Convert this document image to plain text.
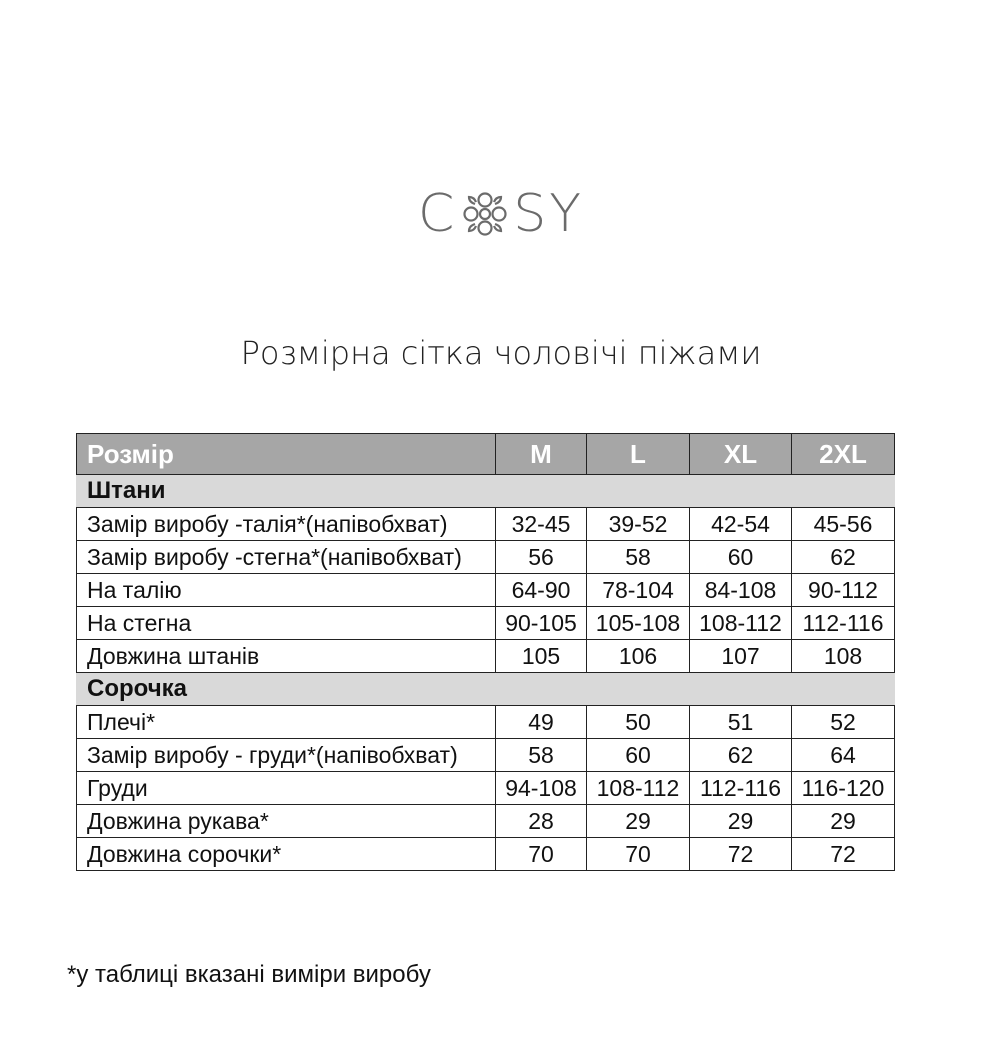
C SY
Розмірна сітка чоловічі піжами
Розмір	M	L	XL	2XL
Штани				
Замір виробу -талія*(напівобхват)	32-45	39-52	42-54	45-56
Замір виробу -стегна*(напівобхват)	56	58	60	62
На талію	64-90	78-104	84-108	90-112
На стегна	90-105	105-108	108-112	112-116
Довжина штанів	105	106	107	108
Сорочка				
Плечі*	49	50	51	52
Замір виробу - груди*(напівобхват)	58	60	62	64
Груди	94-108	108-112	112-116	116-120
Довжина рукава*	28	29	29	29
Довжина сорочки*	70	70	72	72
*у таблиці вказані виміри виробу
